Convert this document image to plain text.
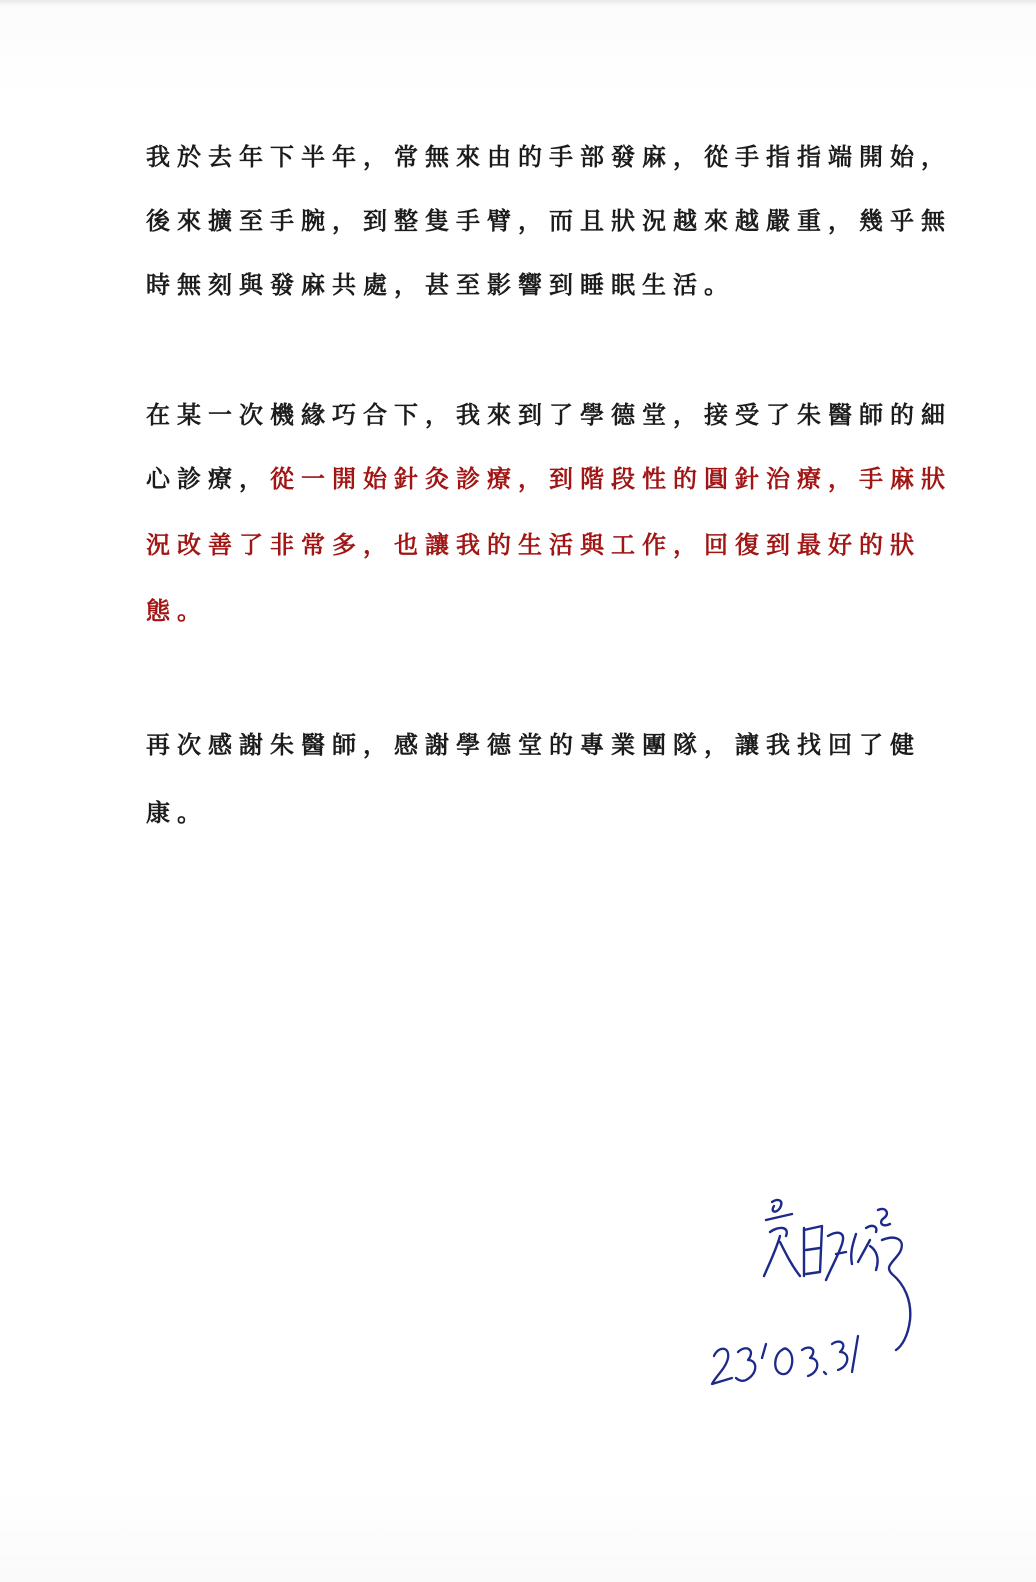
我於去年下半年，常無來由的手部發麻，從手指指端開始，

後來擴至手腕，到整隻手臂，而且狀況越來越嚴重，幾乎無

時無刻與發麻共處，甚至影響到睡眠生活。

在某一次機緣巧合下，我來到了學德堂，接受了朱醫師的細

心診療，從一開始針灸診療，到階段性的圓針治療，手麻狀

況改善了非常多，也讓我的生活與工作，回復到最好的狀

態。

再次感謝朱醫師，感謝學德堂的專業團隊，讓我找回了健

康。
